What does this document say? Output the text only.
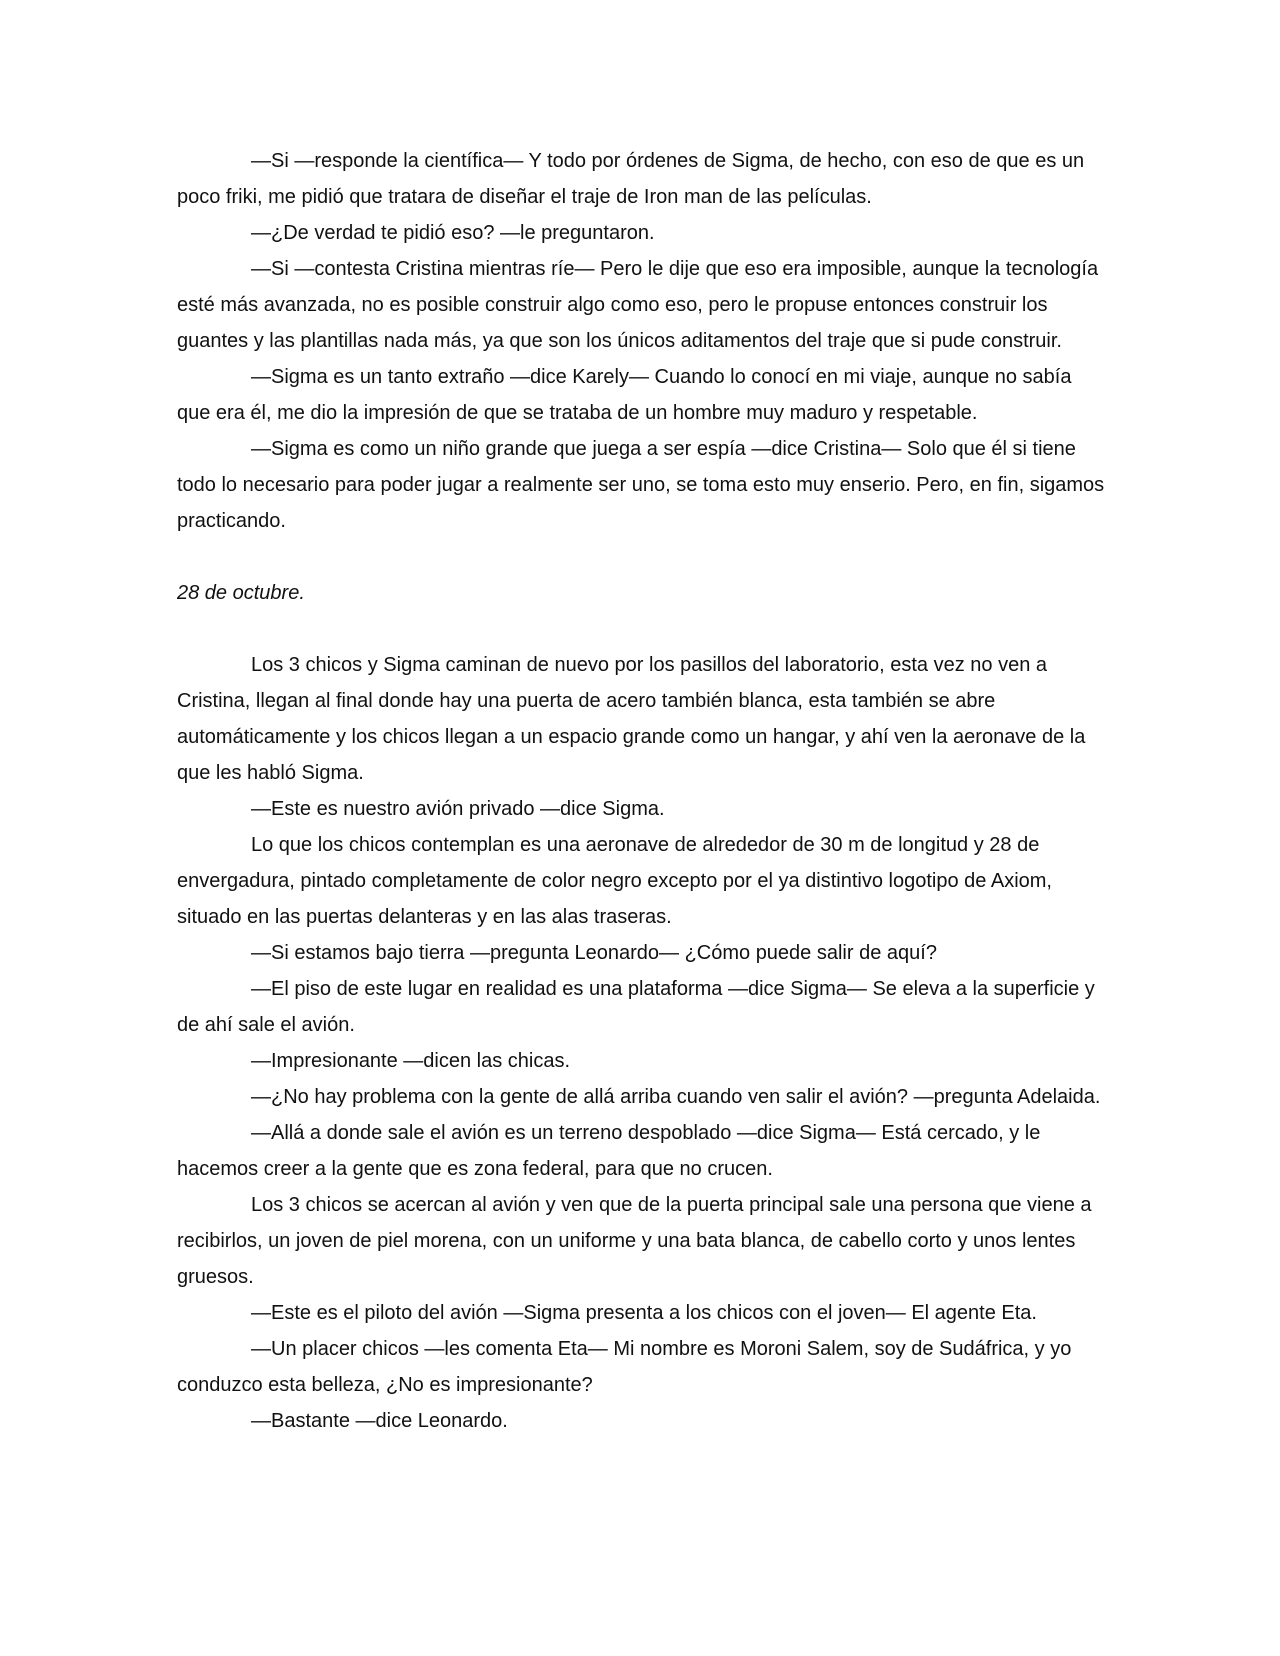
—Si —responde la científica— Y todo por órdenes de Sigma, de hecho, con eso de que es un poco friki, me pidió que tratara de diseñar el traje de Iron man de las películas.

—¿De verdad te pidió eso? —le preguntaron.

—Si —contesta Cristina mientras ríe— Pero le dije que eso era imposible, aunque la tecnología esté más avanzada, no es posible construir algo como eso, pero le propuse entonces construir los guantes y las plantillas nada más, ya que son los únicos aditamentos del traje que si pude construir.

—Sigma es un tanto extraño —dice Karely— Cuando lo conocí en mi viaje, aunque no sabía que era él, me dio la impresión de que se trataba de un hombre muy maduro y respetable.

—Sigma es como un niño grande que juega a ser espía —dice Cristina— Solo que él si tiene todo lo necesario para poder jugar a realmente ser uno, se toma esto muy enserio. Pero, en fin, sigamos practicando.

28 de octubre.

Los 3 chicos y Sigma caminan de nuevo por los pasillos del laboratorio, esta vez no ven a Cristina, llegan al final donde hay una puerta de acero también blanca, esta también se abre automáticamente y los chicos llegan a un espacio grande como un hangar, y ahí ven la aeronave de la que les habló Sigma.

—Este es nuestro avión privado —dice Sigma.

Lo que los chicos contemplan es una aeronave de alrededor de 30 m de longitud y 28 de envergadura, pintado completamente de color negro excepto por el ya distintivo logotipo de Axiom, situado en las puertas delanteras y en las alas traseras.

—Si estamos bajo tierra —pregunta Leonardo— ¿Cómo puede salir de aquí?

—El piso de este lugar en realidad es una plataforma —dice Sigma— Se eleva a la superficie y de ahí sale el avión.

—Impresionante —dicen las chicas.

—¿No hay problema con la gente de allá arriba cuando ven salir el avión? —pregunta Adelaida.

—Allá a donde sale el avión es un terreno despoblado —dice Sigma— Está cercado, y le hacemos creer a la gente que es zona federal, para que no crucen.

Los 3 chicos se acercan al avión y ven que de la puerta principal sale una persona que viene a recibirlos, un joven de piel morena, con un uniforme y una bata blanca, de cabello corto y unos lentes gruesos.

—Este es el piloto del avión —Sigma presenta a los chicos con el joven— El agente Eta.

—Un placer chicos —les comenta Eta— Mi nombre es Moroni Salem, soy de Sudáfrica, y yo conduzco esta belleza, ¿No es impresionante?

—Bastante —dice Leonardo.
